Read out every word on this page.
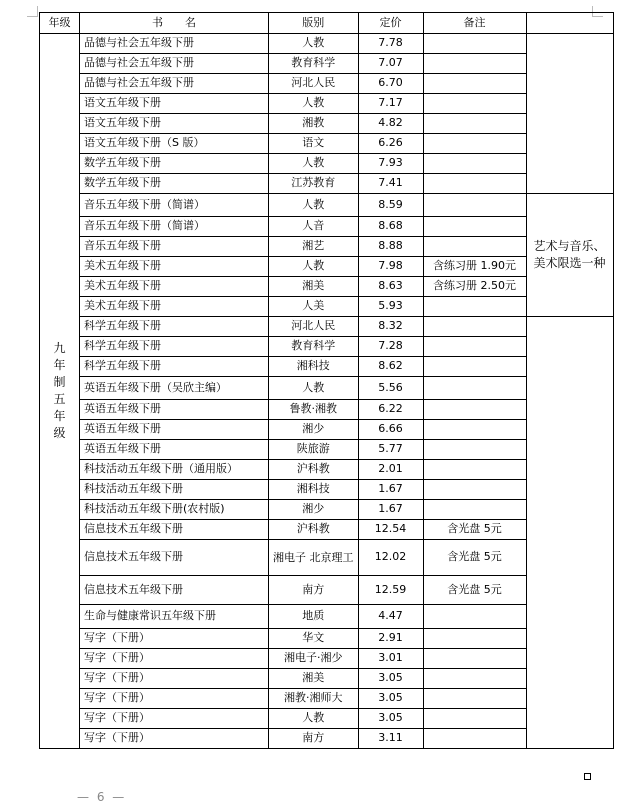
年级	书　　名	版别	定价	备注	
九年制五年级	品德与社会五年级下册	人教	7.78		
	品德与社会五年级下册	教育科学	7.07		
	品德与社会五年级下册	河北人民	6.70		
	语文五年级下册	人教	7.17		
	语文五年级下册	湘教	4.82		
	语文五年级下册（S 版）	语文	6.26		
	数学五年级下册	人教	7.93		
	数学五年级下册	江苏教育	7.41		
	音乐五年级下册（简谱）	人教	8.59		艺术与音乐、美术限选一种
	音乐五年级下册（简谱）	人音	8.68		
	音乐五年级下册	湘艺	8.88		
	美术五年级下册	人教	7.98	含练习册 1.90元	
	美术五年级下册	湘美	8.63	含练习册 2.50元	
	美术五年级下册	人美	5.93		
	科学五年级下册	河北人民	8.32		
	科学五年级下册	教育科学	7.28		
	科学五年级下册	湘科技	8.62		
	英语五年级下册（吴欣主编）	人教	5.56		
	英语五年级下册	鲁教·湘教	6.22		
	英语五年级下册	湘少	6.66		
	英语五年级下册	陕旅游	5.77		
	科技活动五年级下册（通用版）	沪科教	2.01		
	科技活动五年级下册	湘科技	1.67		
	科技活动五年级下册(农村版)	湘少	1.67		
	信息技术五年级下册	沪科教	12.54	含光盘 5元	
	信息技术五年级下册	湘电子 北京理工	12.02	含光盘 5元	
	信息技术五年级下册	南方	12.59	含光盘 5元	
	生命与健康常识五年级下册	地质	4.47		
	写字（下册）	华文	2.91		
	写字（下册）	湘电子·湘少	3.01		
	写字（下册）	湘美	3.05		
	写字（下册）	湘教·湘师大	3.05		
	写字（下册）	人教	3.05		
	写字（下册）	南方	3.11		
— 6 —
